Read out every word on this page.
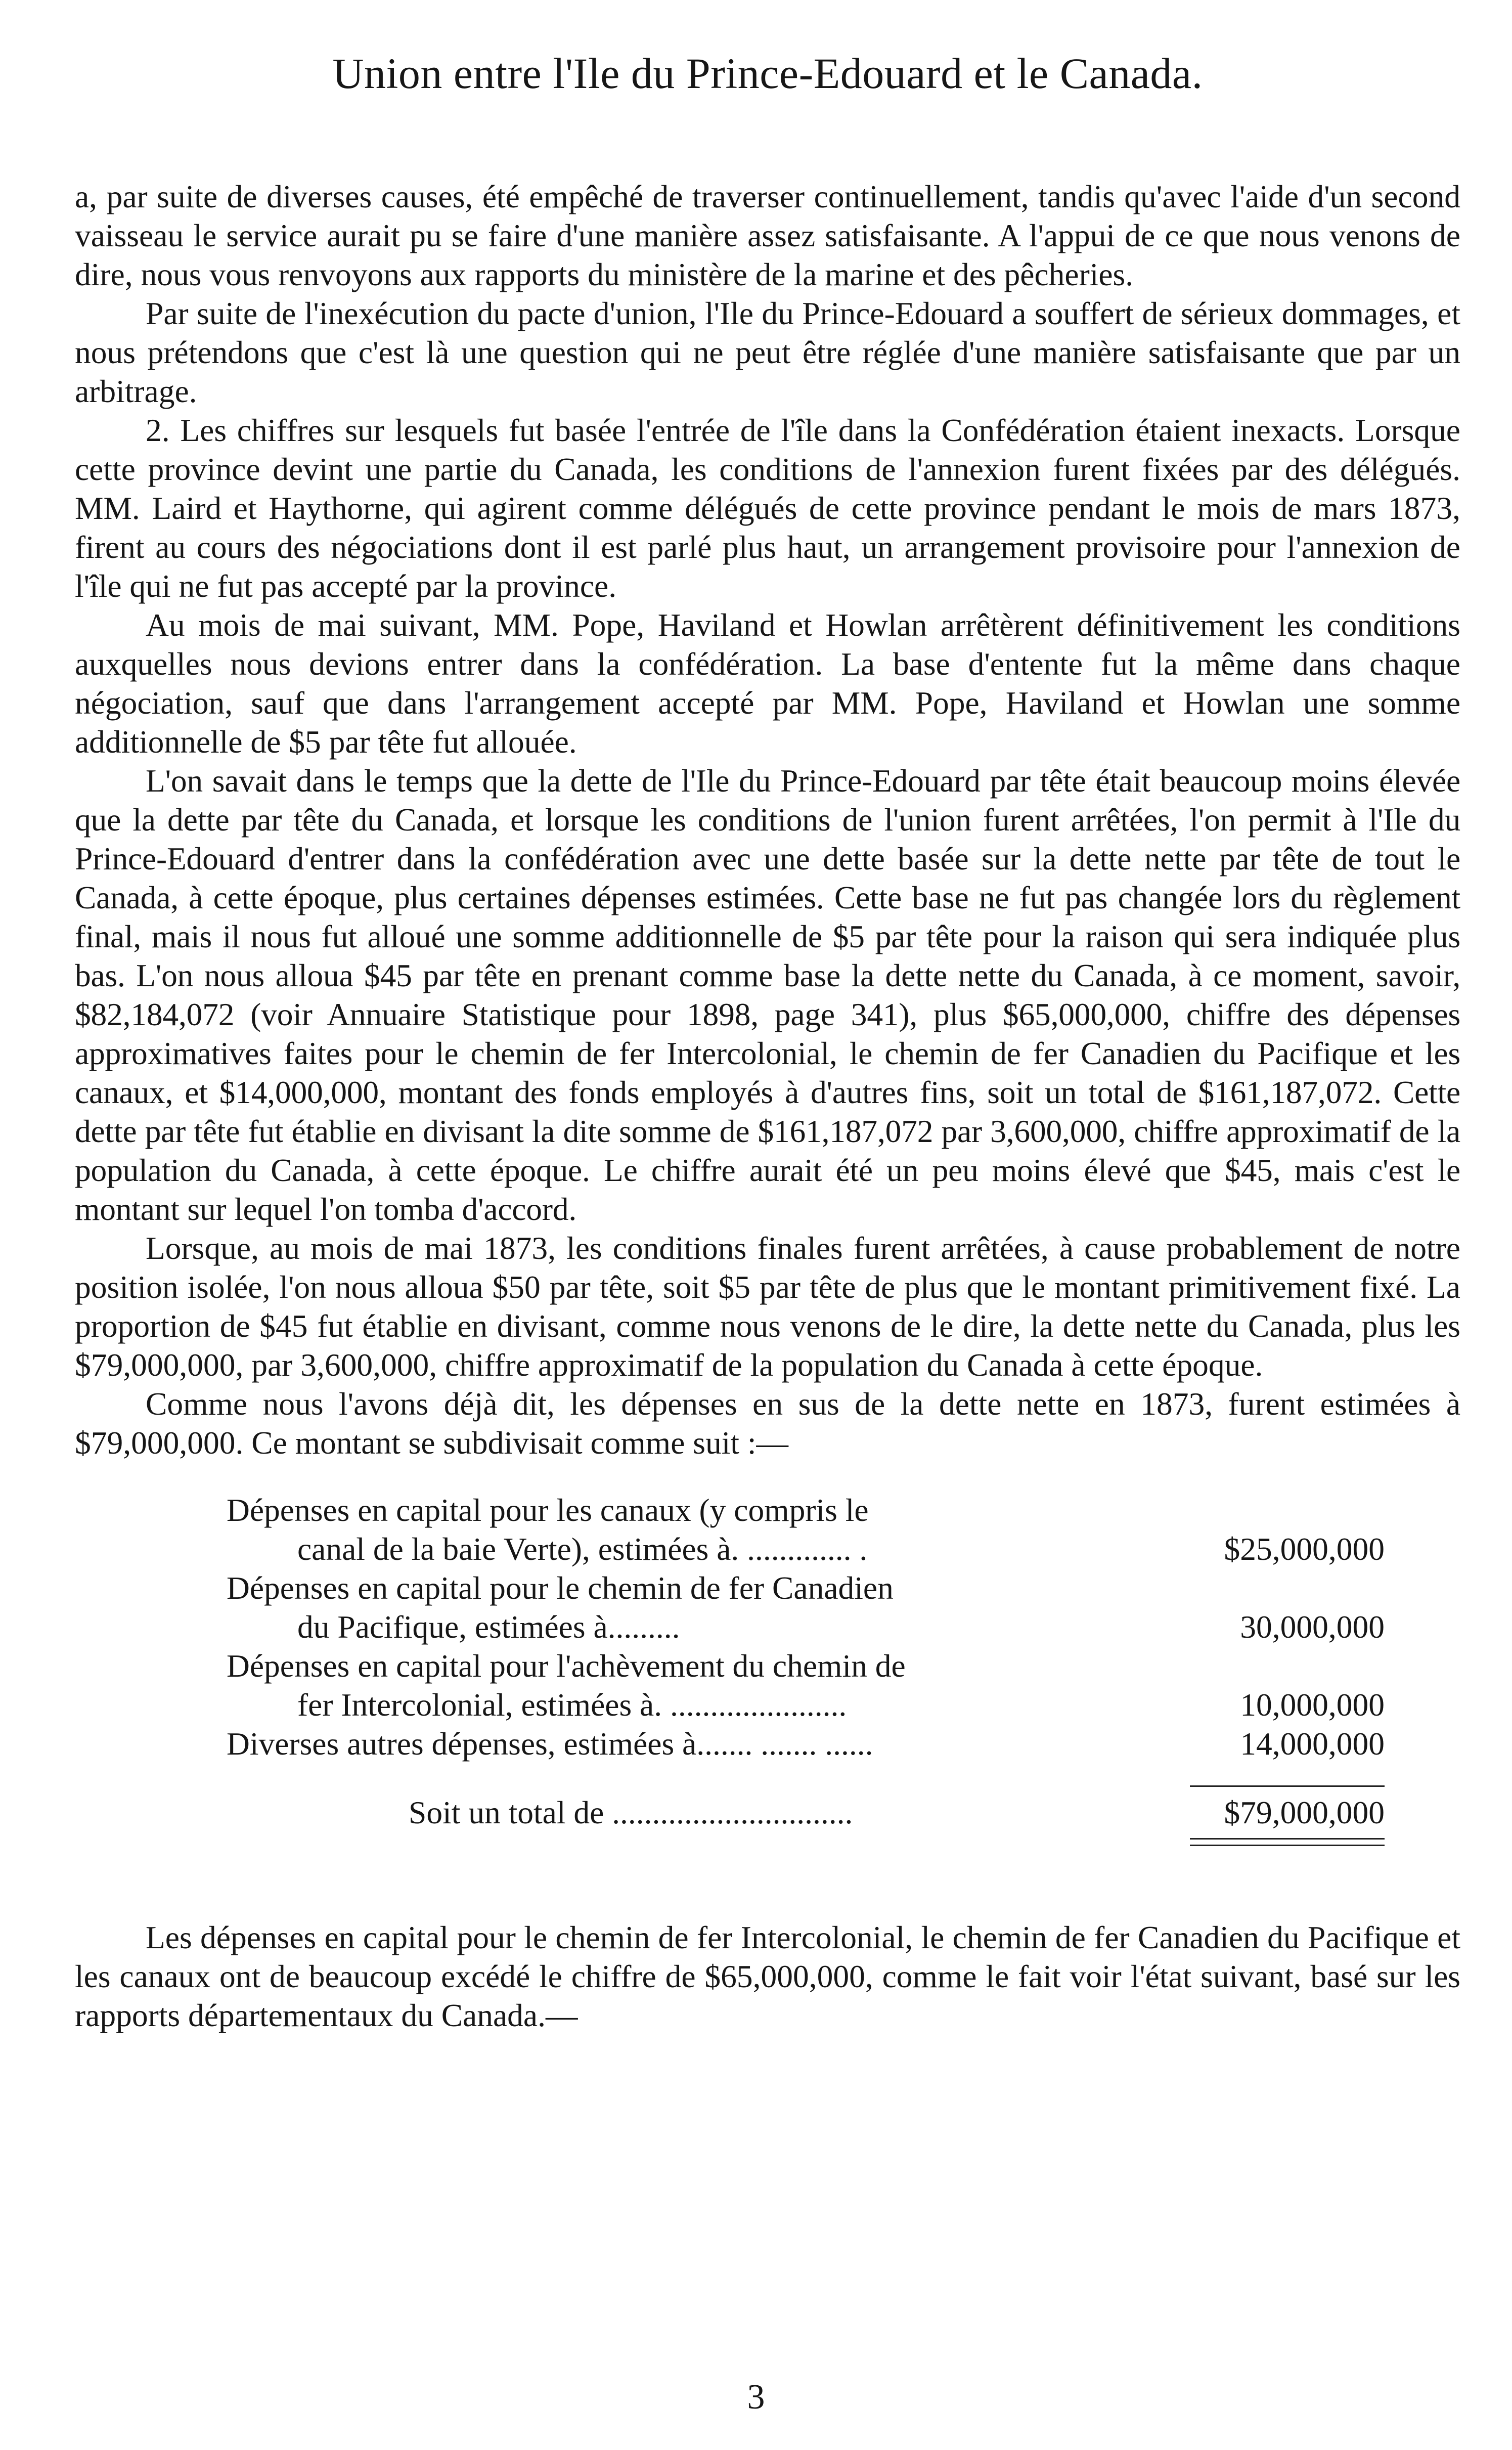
Union entre l'Ile du Prince-Edouard et le Canada.

a, par suite de diverses causes, été empêché de traverser continuellement, tandis qu'avec l'aide d'un second vaisseau le service aurait pu se faire d'une manière assez satisfaisante. A l'appui de ce que nous venons de dire, nous vous renvoyons aux rapports du ministère de la marine et des pêcheries.

Par suite de l'inexécution du pacte d'union, l'Ile du Prince-Edouard a souffert de sérieux dommages, et nous prétendons que c'est là une question qui ne peut être réglée d'une manière satisfaisante que par un arbitrage.

2. Les chiffres sur lesquels fut basée l'entrée de l'île dans la Confédération étaient inexacts. Lorsque cette province devint une partie du Canada, les conditions de l'annexion furent fixées par des délégués. MM. Laird et Haythorne, qui agirent comme délégués de cette province pendant le mois de mars 1873, firent au cours des négociations dont il est parlé plus haut, un arrangement provisoire pour l'annexion de l'île qui ne fut pas accepté par la province.

Au mois de mai suivant, MM. Pope, Haviland et Howlan arrêtèrent définitivement les conditions auxquelles nous devions entrer dans la confédération. La base d'entente fut la même dans chaque négociation, sauf que dans l'arrangement accepté par MM. Pope, Haviland et Howlan une somme additionnelle de $5 par tête fut allouée.

L'on savait dans le temps que la dette de l'Ile du Prince-Edouard par tête était beaucoup moins élevée que la dette par tête du Canada, et lorsque les conditions de l'union furent arrêtées, l'on permit à l'Ile du Prince-Edouard d'entrer dans la confédération avec une dette basée sur la dette nette par tête de tout le Canada, à cette époque, plus certaines dépenses estimées. Cette base ne fut pas changée lors du règlement final, mais il nous fut alloué une somme additionnelle de $5 par tête pour la raison qui sera indiquée plus bas. L'on nous alloua $45 par tête en prenant comme base la dette nette du Canada, à ce moment, savoir, $82,184,072 (voir Annuaire Statistique pour 1898, page 341), plus $65,000,000, chiffre des dépenses approximatives faites pour le chemin de fer Intercolonial, le chemin de fer Canadien du Pacifique et les canaux, et $14,000,000, montant des fonds employés à d'autres fins, soit un total de $161,187,072. Cette dette par tête fut établie en divisant la dite somme de $161,187,072 par 3,600,000, chiffre approximatif de la population du Canada, à cette époque. Le chiffre aurait été un peu moins élevé que $45, mais c'est le montant sur lequel l'on tomba d'accord.

Lorsque, au mois de mai 1873, les conditions finales furent arrêtées, à cause probablement de notre position isolée, l'on nous alloua $50 par tête, soit $5 par tête de plus que le montant primitivement fixé. La proportion de $45 fut établie en divisant, comme nous venons de le dire, la dette nette du Canada, plus les $79,000,000, par 3,600,000, chiffre approximatif de la population du Canada à cette époque.

Comme nous l'avons déjà dit, les dépenses en sus de la dette nette en 1873, furent estimées à $79,000,000. Ce montant se subdivisait comme suit :—

Dépenses en capital pour les canaux (y compris le
canal de la baie Verte), estimées à. ............. .	$25,000,000
Dépenses en capital pour le chemin de fer Canadien
du Pacifique, estimées à.........	30,000,000
Dépenses en capital pour l'achèvement du chemin de
fer Intercolonial, estimées à. ......................	10,000,000
Diverses autres dépenses, estimées à....... ....... ......	14,000,000
Soit un total de ..............................	$79,000,000

Les dépenses en capital pour le chemin de fer Intercolonial, le chemin de fer Canadien du Pacifique et les canaux ont de beaucoup excédé le chiffre de $65,000,000, comme le fait voir l'état suivant, basé sur les rapports départementaux du Canada.—

3
